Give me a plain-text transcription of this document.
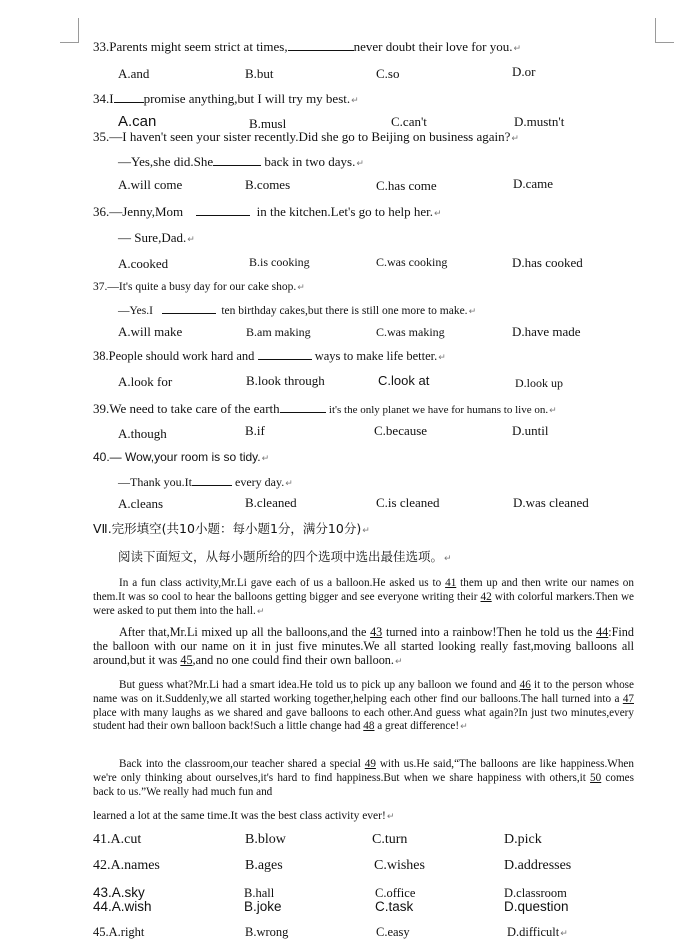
33.Parents might seem strict at times,	never doubt their love for you.↵
A.and	B.but	C.so	D.or
34.I promise anything,but I will try my best.↵
A.can	B.musl	C.can't	D.mustn't
35.—I haven't seen your sister recently.Did she go to Beijing on business again?↵
—Yes,she did.She	back in two days.↵
A.will come	B.comes	C.has come	D.came
36.—Jenny,Mom	in the kitchen.Let's go to help her.↵
— Sure,Dad.↵
A.cooked	B.is cooking	C.was cooking	D.has cooked
37.—It's quite a busy day for our cake shop.↵
—Yes.I	ten birthday cakes,but there is still one more to make.↵
A.will make	B.am making	C.was making	D.have made
38.People should work hard and	ways to make life better.↵
A.look for	B.look through	C.look at	D.look up
39.We need to take care of the earth	it's the only planet we have for humans to live on.↵
A.though	B.if	C.because	D.until
40.— Wow,your room is so tidy.↵
—Thank you.It	every day.↵
A.cleans	B.cleaned	C.is cleaned	D.was cleaned
VⅡ.完形填空(共10小题：每小题1分，满分10分)↵
阅读下面短文，从每小题所给的四个选项中选出最佳选项。↵
In a fun class activity,Mr.Li gave each of us a balloon.He asked us to 41 them up and then write our names on them.It was so cool to hear the balloons getting bigger and see everyone writing their 42 with colorful markers.Then we were asked to put them into the hall.↵
After that,Mr.Li mixed up all the balloons,and the 43 turned into a rainbow!Then he told us the 44:Find the balloon with our name on it in just five minutes.We all started looking really fast,moving balloons all around,but it was 45,and no one could find their own balloon.↵
But guess what?Mr.Li had a smart idea.He told us to pick up any balloon we found and 46 it to the person whose name was on it.Suddenly,we all started working together,helping each other find our balloons.The hall turned into a 47 place with many laughs as we shared and gave balloons to each other.And guess what again?In just two minutes,every student had their own balloon back!Such a little change had 48 a great difference!↵
Back into the classroom,our teacher shared a special 49 with us.He said,“The balloons are like happiness.When we're only thinking about ourselves,it's hard to find happiness.But when we share happiness with others,it 50 comes back to us.”We really had much fun and
learned a lot at the same time.It was the best class activity ever!↵
41.A.cut	B.blow	C.turn	D.pick
42.A.names	B.ages	C.wishes	D.addresses
43.A.sky	B.hall	C.office	D.classroom
44.A.wish	B.joke	C.task	D.question
45.A.right	B.wrong	C.easy	D.difficult↵
